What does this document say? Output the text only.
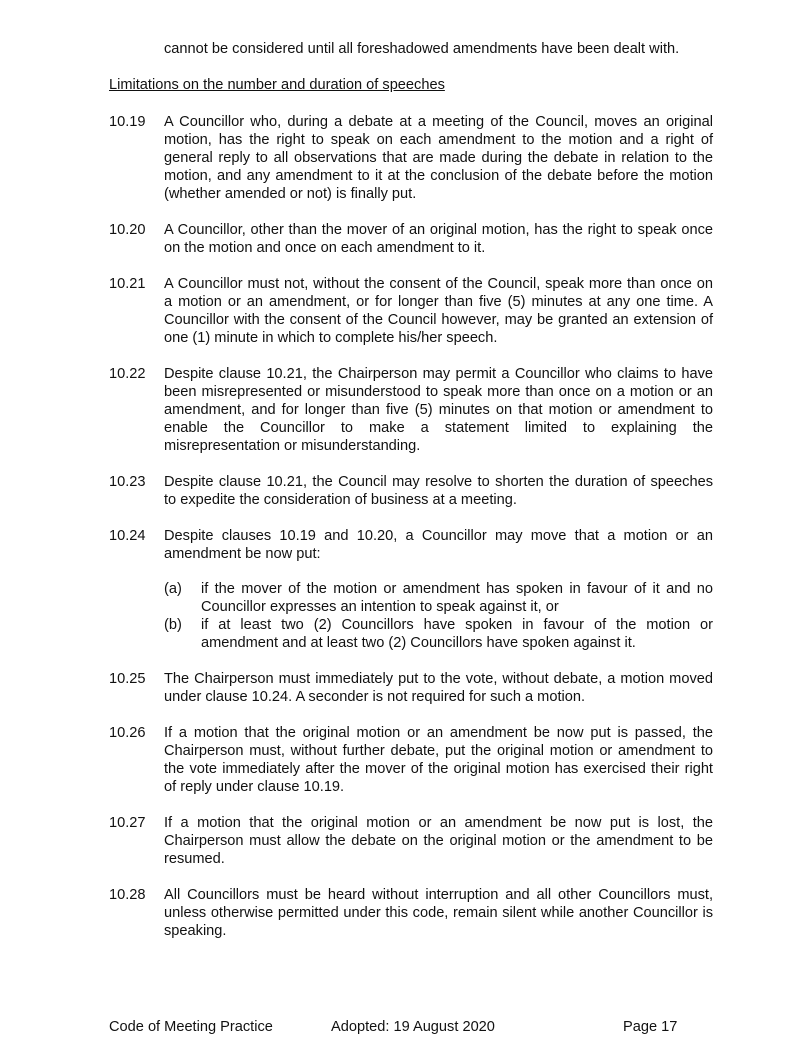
cannot be considered until all foreshadowed amendments have been dealt with.

Limitations on the number and duration of speeches

10.19	A Councillor who, during a debate at a meeting of the Council, moves an original motion, has the right to speak on each amendment to the motion and a right of general reply to all observations that are made during the debate in relation to the motion, and any amendment to it at the conclusion of the debate before the motion (whether amended or not) is finally put.

10.20	A Councillor, other than the mover of an original motion, has the right to speak once on the motion and once on each amendment to it.

10.21	A Councillor must not, without the consent of the Council, speak more than once on a motion or an amendment, or for longer than five (5) minutes at any one time. A Councillor with the consent of the Council however, may be granted an extension of one (1) minute in which to complete his/her speech.

10.22	Despite clause 10.21, the Chairperson may permit a Councillor who claims to have been misrepresented or misunderstood to speak more than once on a motion or an amendment, and for longer than five (5) minutes on that motion or amendment to enable the Councillor to make a statement limited to explaining the misrepresentation or misunderstanding.

10.23	Despite clause 10.21, the Council may resolve to shorten the duration of speeches to expedite the consideration of business at a meeting.

10.24	Despite clauses 10.19 and 10.20, a Councillor may move that a motion or an amendment be now put:

(a)	if the mover of the motion or amendment has spoken in favour of it and no Councillor expresses an intention to speak against it, or

(b)	if at least two (2) Councillors have spoken in favour of the motion or amendment and at least two (2) Councillors have spoken against it.

10.25	The Chairperson must immediately put to the vote, without debate, a motion moved under clause 10.24. A seconder is not required for such a motion.

10.26	If a motion that the original motion or an amendment be now put is passed, the Chairperson must, without further debate, put the original motion or amendment to the vote immediately after the mover of the original motion has exercised their right of reply under clause 10.19.

10.27	If a motion that the original motion or an amendment be now put is lost, the Chairperson must allow the debate on the original motion or the amendment to be resumed.

10.28	All Councillors must be heard without interruption and all other Councillors must, unless otherwise permitted under this code, remain silent while another Councillor is speaking.

Code of Meeting Practice	Adopted: 19 August 2020	Page 17
